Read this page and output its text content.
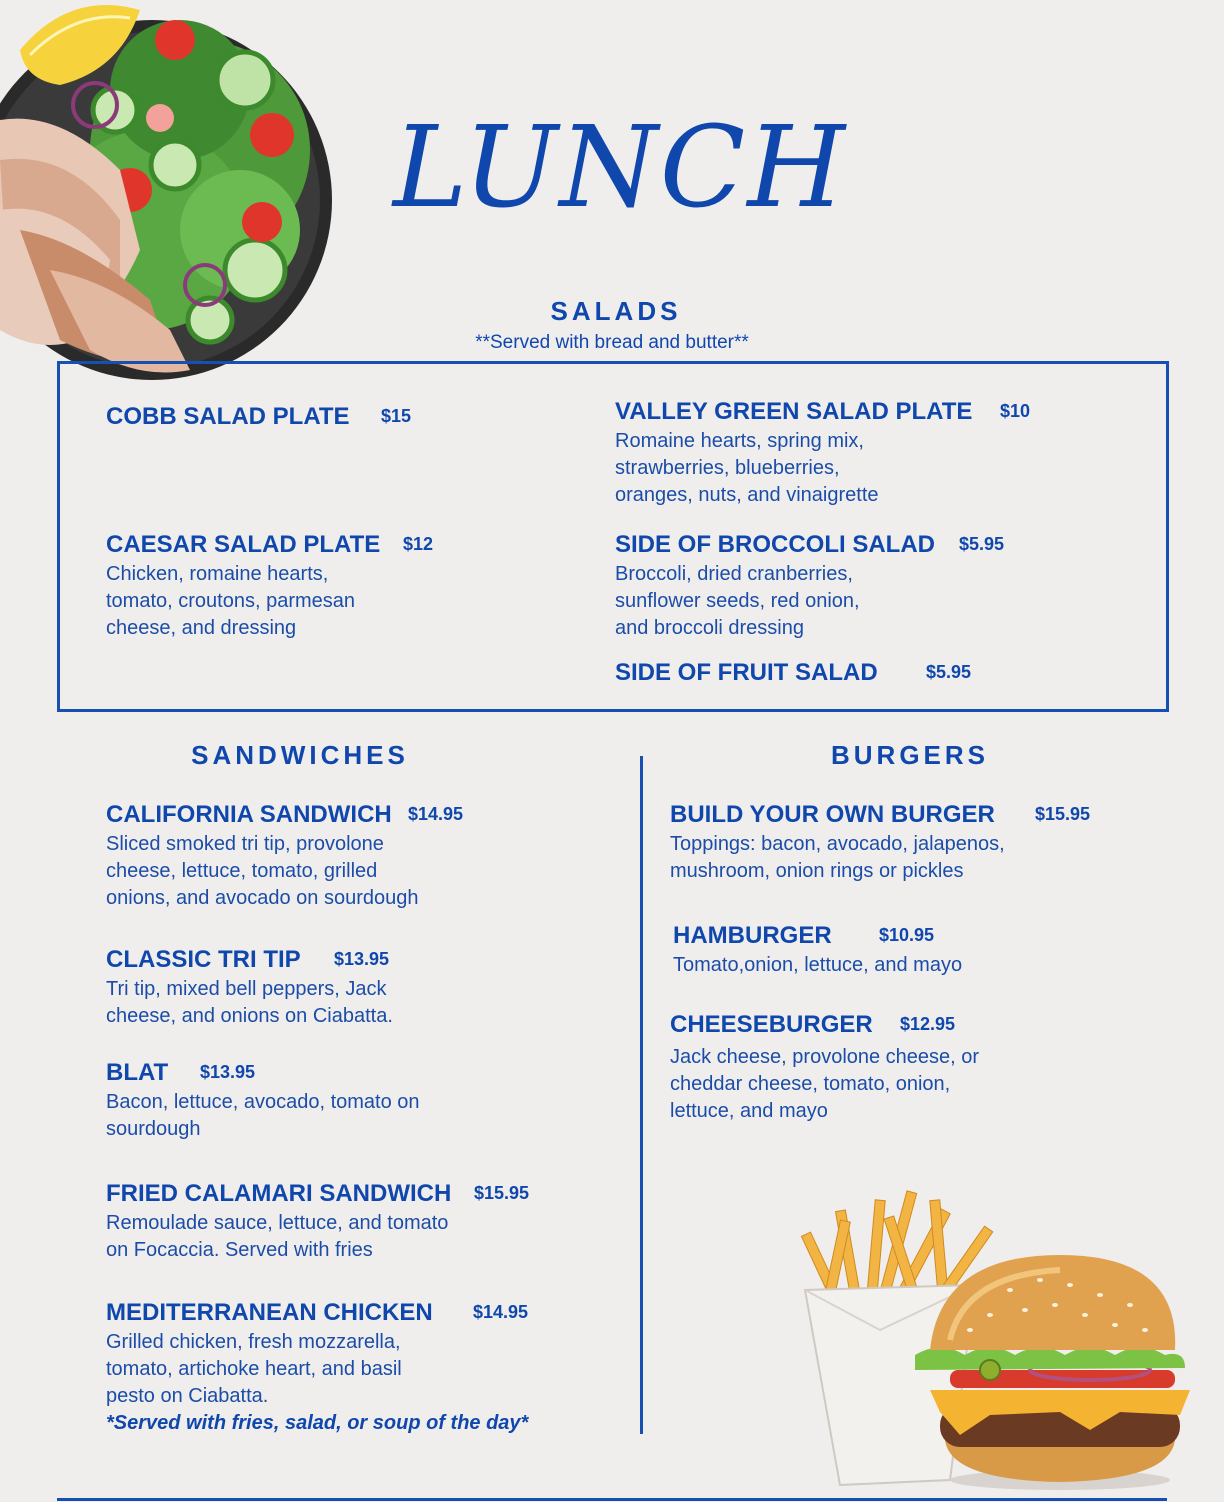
LUNCH
SALADS
**Served with bread and butter**
COBB SALAD PLATE $15	VALLEY GREEN SALAD PLATE $10
Romaine hearts, spring mix,
strawberries, blueberries,
oranges, nuts, and vinaigrette
CAESAR SALAD PLATE $12
Chicken, romaine hearts,
tomato, croutons, parmesan
cheese, and dressing
SIDE OF BROCCOLI SALAD $5.95
Broccoli, dried cranberries,
sunflower seeds, red onion,
and broccoli dressing
SIDE OF FRUIT SALAD	$5.95
SANDWICHES
CALIFORNIA SANDWICH $14.95
Sliced smoked tri tip, provolone
cheese, lettuce, tomato, grilled
onions, and avocado on sourdough
CLASSIC TRI TIP $13.95
Tri tip, mixed bell peppers, Jack
cheese, and onions on Ciabatta.
BLAT $13.95
Bacon, lettuce, avocado, tomato on
sourdough
FRIED CALAMARI SANDWICH $15.95
Remoulade sauce, lettuce, and tomato
on Focaccia. Served with fries
MEDITERRANEAN CHICKEN $14.95
Grilled chicken, fresh mozzarella,
tomato, artichoke heart, and basil
pesto on Ciabatta.
*Served with fries, salad, or soup of the day*
BURGERS
BUILD YOUR OWN BURGER $15.95
Toppings: bacon, avocado, jalapenos,
mushroom, onion rings or pickles
HAMBURGER	$10.95
Tomato,onion, lettuce, and mayo
CHEESEBURGER $12.95
Jack cheese, provolone cheese, or
cheddar cheese, tomato, onion,
lettuce, and mayo
